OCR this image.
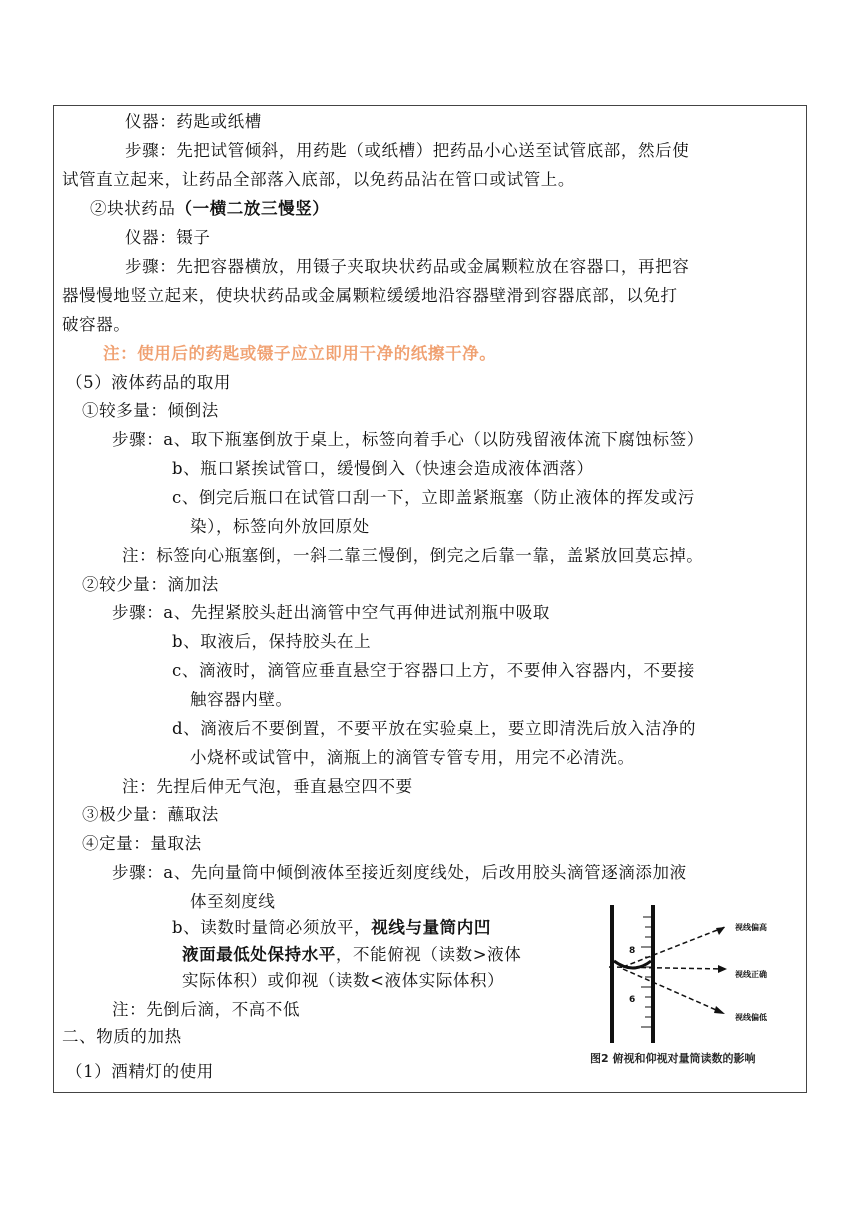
仪器：药匙或纸槽
步骤：先把试管倾斜，用药匙（或纸槽）把药品小心送至试管底部，然后使
试管直立起来，让药品全部落入底部，以免药品沾在管口或试管上。
②块状药品（一横二放三慢竖）
仪器：镊子
步骤：先把容器横放，用镊子夹取块状药品或金属颗粒放在容器口，再把容
器慢慢地竖立起来，使块状药品或金属颗粒缓缓地沿容器壁滑到容器底部，以免打
破容器。
注：使用后的药匙或镊子应立即用干净的纸擦干净。
（5）液体药品的取用
①较多量：倾倒法
步骤：a、取下瓶塞倒放于桌上，标签向着手心（以防残留液体流下腐蚀标签）
b、瓶口紧挨试管口，缓慢倒入（快速会造成液体洒落）
c、倒完后瓶口在试管口刮一下，立即盖紧瓶塞（防止液体的挥发或污
染），标签向外放回原处
注：标签向心瓶塞倒，一斜二靠三慢倒，倒完之后靠一靠，盖紧放回莫忘掉。
②较少量：滴加法
步骤：a、先捏紧胶头赶出滴管中空气再伸进试剂瓶中吸取
b、取液后，保持胶头在上
c、滴液时，滴管应垂直悬空于容器口上方，不要伸入容器内，不要接
触容器内壁。
d、滴液后不要倒置，不要平放在实验桌上，要立即清洗后放入洁净的
小烧杯或试管中，滴瓶上的滴管专管专用，用完不必清洗。
注：先捏后伸无气泡，垂直悬空四不要
③极少量：蘸取法
④定量：量取法
步骤：a、先向量筒中倾倒液体至接近刻度线处，后改用胶头滴管逐滴添加液
体至刻度线
b、读数时量筒必须放平，视线与量筒内凹
液面最低处保持水平，不能俯视（读数>液体
实际体积）或仰视（读数<液体实际体积）
注：先倒后滴，不高不低
二、物质的加热
（1）酒精灯的使用
8
6
视线偏高
视线正确
视线偏低
图2 俯视和仰视对量筒读数的影响
